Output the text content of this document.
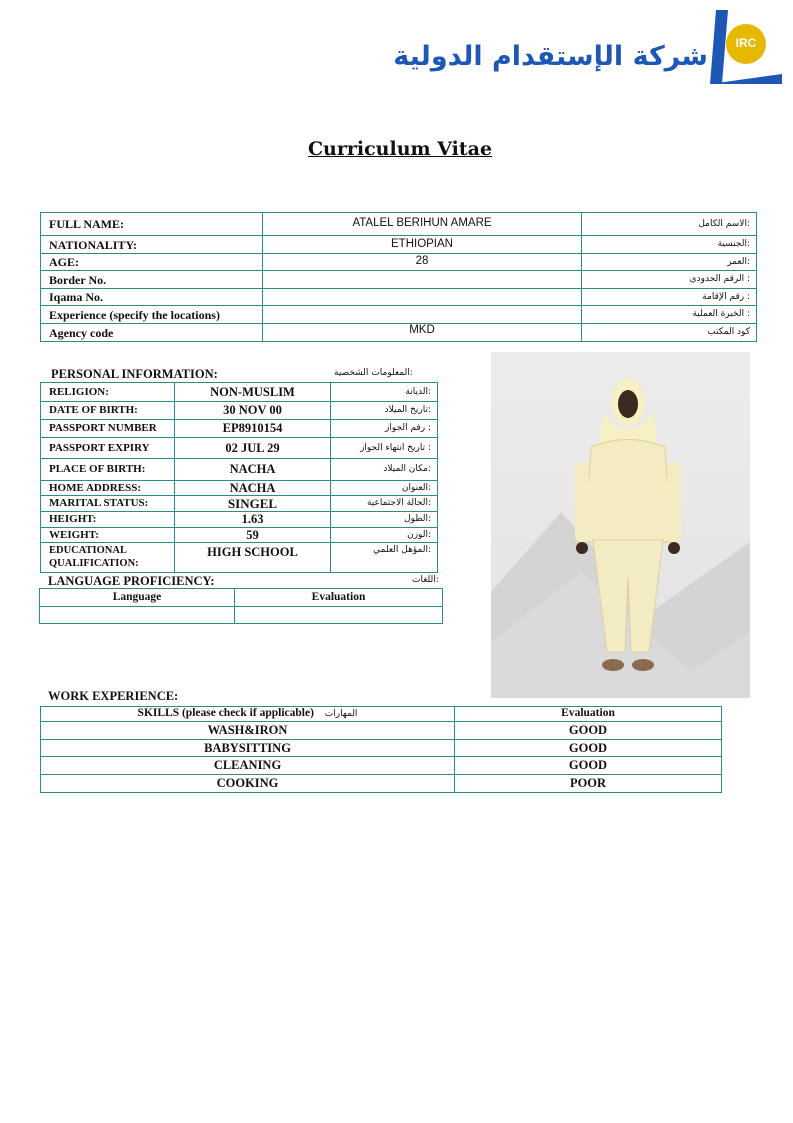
شركة الإستقدام الدولية	IRC
Curriculum Vitae
FULL NAME:	ATALEL BERIHUN AMARE	الاسم الكامل:
NATIONALITY:	ETHIOPIAN	الجنسية:
AGE:	28	العمر:
Border No.		الرقم الحدودي :
Iqama No.		رقم الإقامة :
Experience (specify the locations)		الخبرة العملية :
Agency code	MKD	كود المكتب
PERSONAL INFORMATION:	المعلومات الشخصية:
RELIGION:	NON-MUSLIM	الديانة:
DATE OF BIRTH:	30 NOV 00	تاريخ الميلاد:
PASSPORT NUMBER	EP8910154	رقم الجواز :
PASSPORT EXPIRY	02 JUL 29	تاريخ انتهاء الجواز :
PLACE OF BIRTH:	NACHA	مكان الميلاد:
HOME ADDRESS:	NACHA	العنوان:
MARITAL STATUS:	SINGEL	الحالة الاجتماعية:
HEIGHT:	1.63	الطول:
WEIGHT:	59	الوزن:
EDUCATIONAL QUALIFICATION:	HIGH SCHOOL	المؤهل العلمي:
LANGUAGE PROFICIENCY:	اللغات:
Language	Evaluation

WORK EXPERIENCE:
SKILLS (please check if applicable) المهارات	Evaluation
WASH&IRON	GOOD
BABYSITTING	GOOD
CLEANING	GOOD
COOKING	POOR
